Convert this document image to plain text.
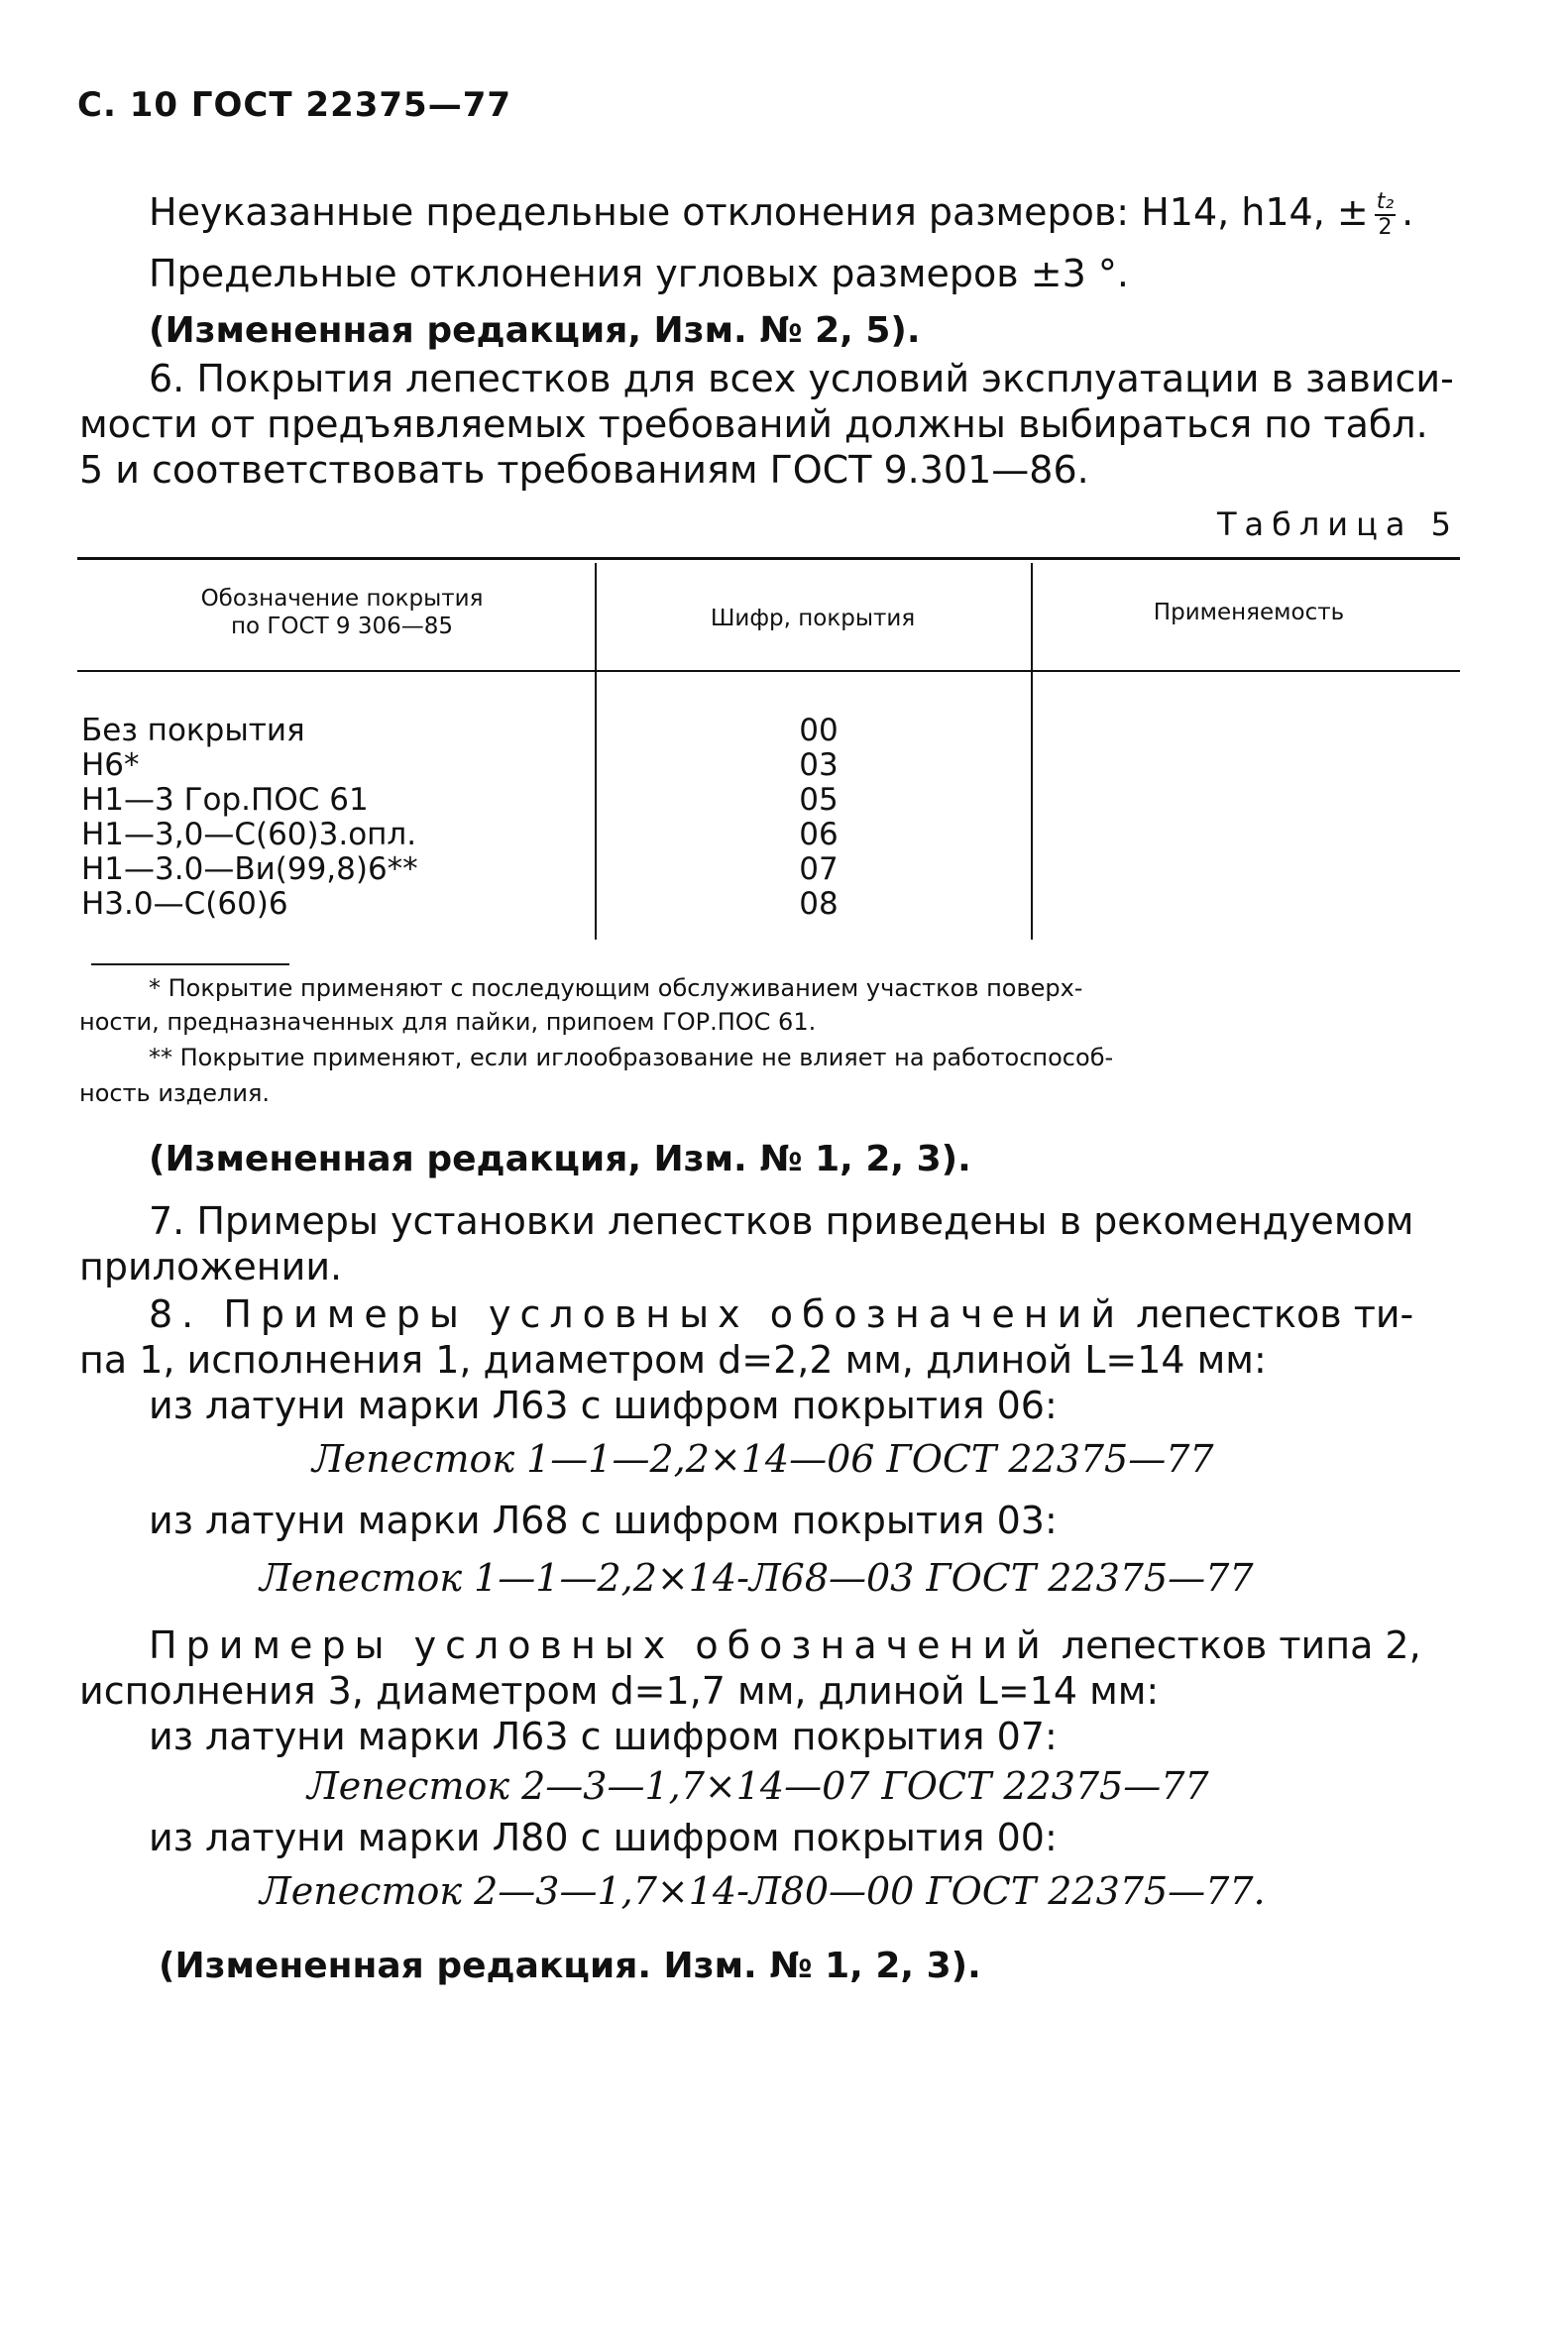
С. 10 ГОСТ 22375—77
Неуказанные предельные отклонения размеров: H14, h14, ± $\frac{\text{t₂}}{2}$ .
Предельные отклонения угловых размеров ±3 °.
(Измененная редакция, Изм. № 2, 5).
6. Покрытия лепестков для всех условий эксплуатации в зависи-
мости от предъявляемых требований должны выбираться по табл.
5 и соответствовать требованиям ГОСТ 9.301—86.
Таблица 5
Обозначение покрытия
по ГОСТ 9 306—85	Шифр, покрытия	Применяемость
Без покрытия
H6*
H1—3 Гор.ПОС 61
H1—3,0—С(60)3.опл.
H1—3.0—Ви(99,8)6**
H3.0—С(60)6
00
03
05
06
07
08
* Покрытие применяют с последующим обслуживанием участков поверх-
ности, предназначенных для пайки, припоем ГОР.ПОС 61.
** Покрытие применяют, если иглообразование не влияет на работоспособ-
ность изделия.
(Измененная редакция, Изм. № 1, 2, 3).
7. Примеры установки лепестков приведены в рекомендуемом
приложении.
8. Примеры условных обозначений лепестков ти-
па 1, исполнения 1, диаметром d=2,2 мм, длиной L=14 мм:
из латуни марки Л63 с шифром покрытия 06:
Лепесток 1—1—2,2×14—06 ГОСТ 22375—77
из латуни марки Л68 с шифром покрытия 03:
Лепесток 1—1—2,2×14-Л68—03 ГОСТ 22375—77
Примеры условных обозначений лепестков типа 2,
исполнения 3, диаметром d=1,7 мм, длиной L=14 мм:
из латуни марки Л63 с шифром покрытия 07:
Лепесток 2—3—1,7×14—07 ГОСТ 22375—77
из латуни марки Л80 с шифром покрытия 00:
Лепесток 2—3—1,7×14-Л80—00 ГОСТ 22375—77.
(Измененная редакция. Изм. № 1, 2, 3).
